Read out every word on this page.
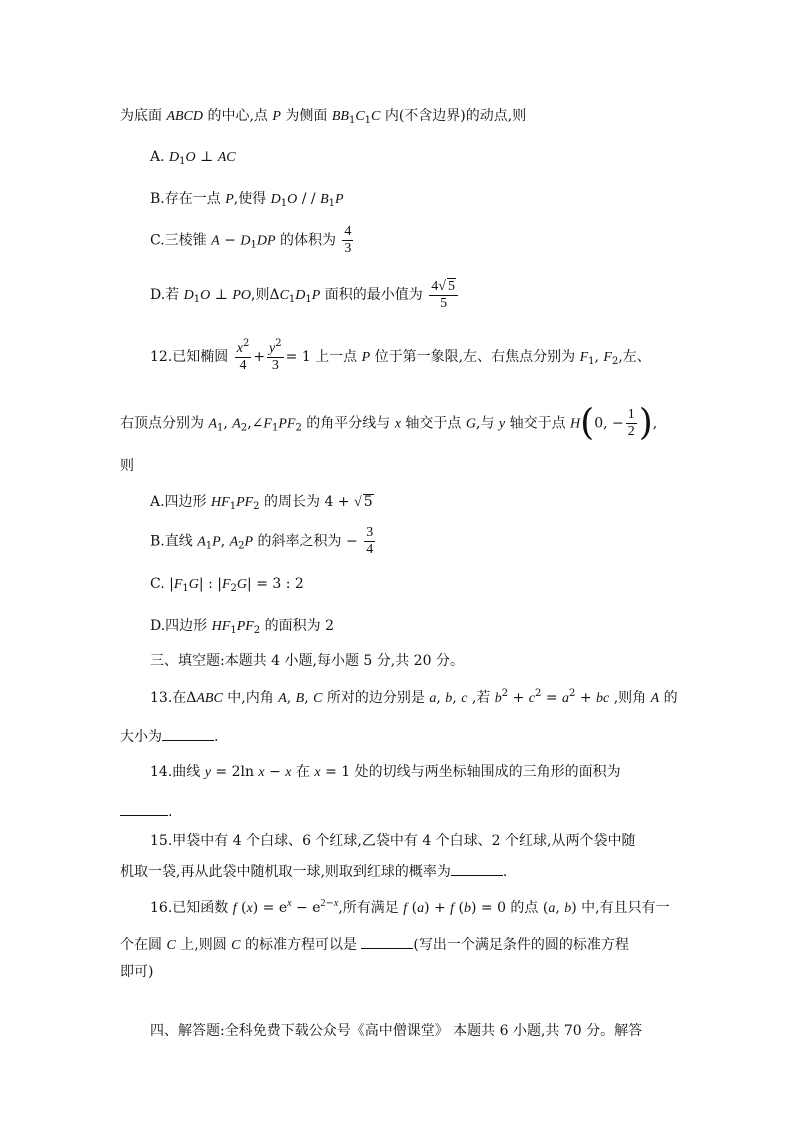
为底面 ABCD 的中心,点 P 为侧面 $BB_1C_1C$ 内(不含边界)的动点,则
A. $D_1O$ ⊥ AC
B.存在一点 P,使得 $D_1O$ / / $B_1P$
C.三棱锥 $A - D_1DP$ 的体积为 $\frac{4}{3}$
D.若 $D_1O$ ⊥ PO,则$\Delta C_1D_1P$ 面积的最小值为 $\frac{4√ 5}{5}$
12.已知椭圆 $\frac{x^2}{4} + \frac{y^2}{3} = 1$ 上一点 P 位于第一象限,左、右焦点分别为 $F_1$, $F_2$,左、
右顶点分别为 $A_1$, $A_2,\angle F_1PF_2$ 的角平分线与 x 轴交于点 G,与 y 轴交于点 H(0, − $\frac{1}{2}$ ),
则
A.四边形 $HF_1PF_2$ 的周长为 4 + √ 5
B.直线 $A_1P$, $A_2P$ 的斜率之积为 − $\frac{3}{4}$
C. $|F_1G|$ : $|F_2G| = 3$ : 2
D.四边形 $HF_1PF_2$ 的面积为 2
三、填空题:本题共 4 小题,每小题 5 分,共 20 分。
13.在ΔABC 中,内角 A, B, C 所对的边分别是 a, b, c ,若 $b^2 + c^2 = a^2$ + bc ,则角 A 的
大小为	.
14.曲线 y = 2ln x − x 在 x = 1 处的切线与两坐标轴围成的三角形的面积为
.
15.甲袋中有 4 个白球、6 个红球,乙袋中有 4 个白球、2 个红球,从两个袋中随
机取一袋,再从此袋中随机取一球,则取到红球的概率为	.
16.已知函数 f $(x) = e^x - e^{2-x}$,所有满足 f (a) + f (b) = 0 的点 (a, b) 中,有且只有一
个在圆 C 上,则圆 C 的标准方程可以是	(写出一个满足条件的圆的标准方程
即可)
四、解答题:全科免费下载公众号《高中僧课堂》 本题共 6 小题,共 70 分。解答
